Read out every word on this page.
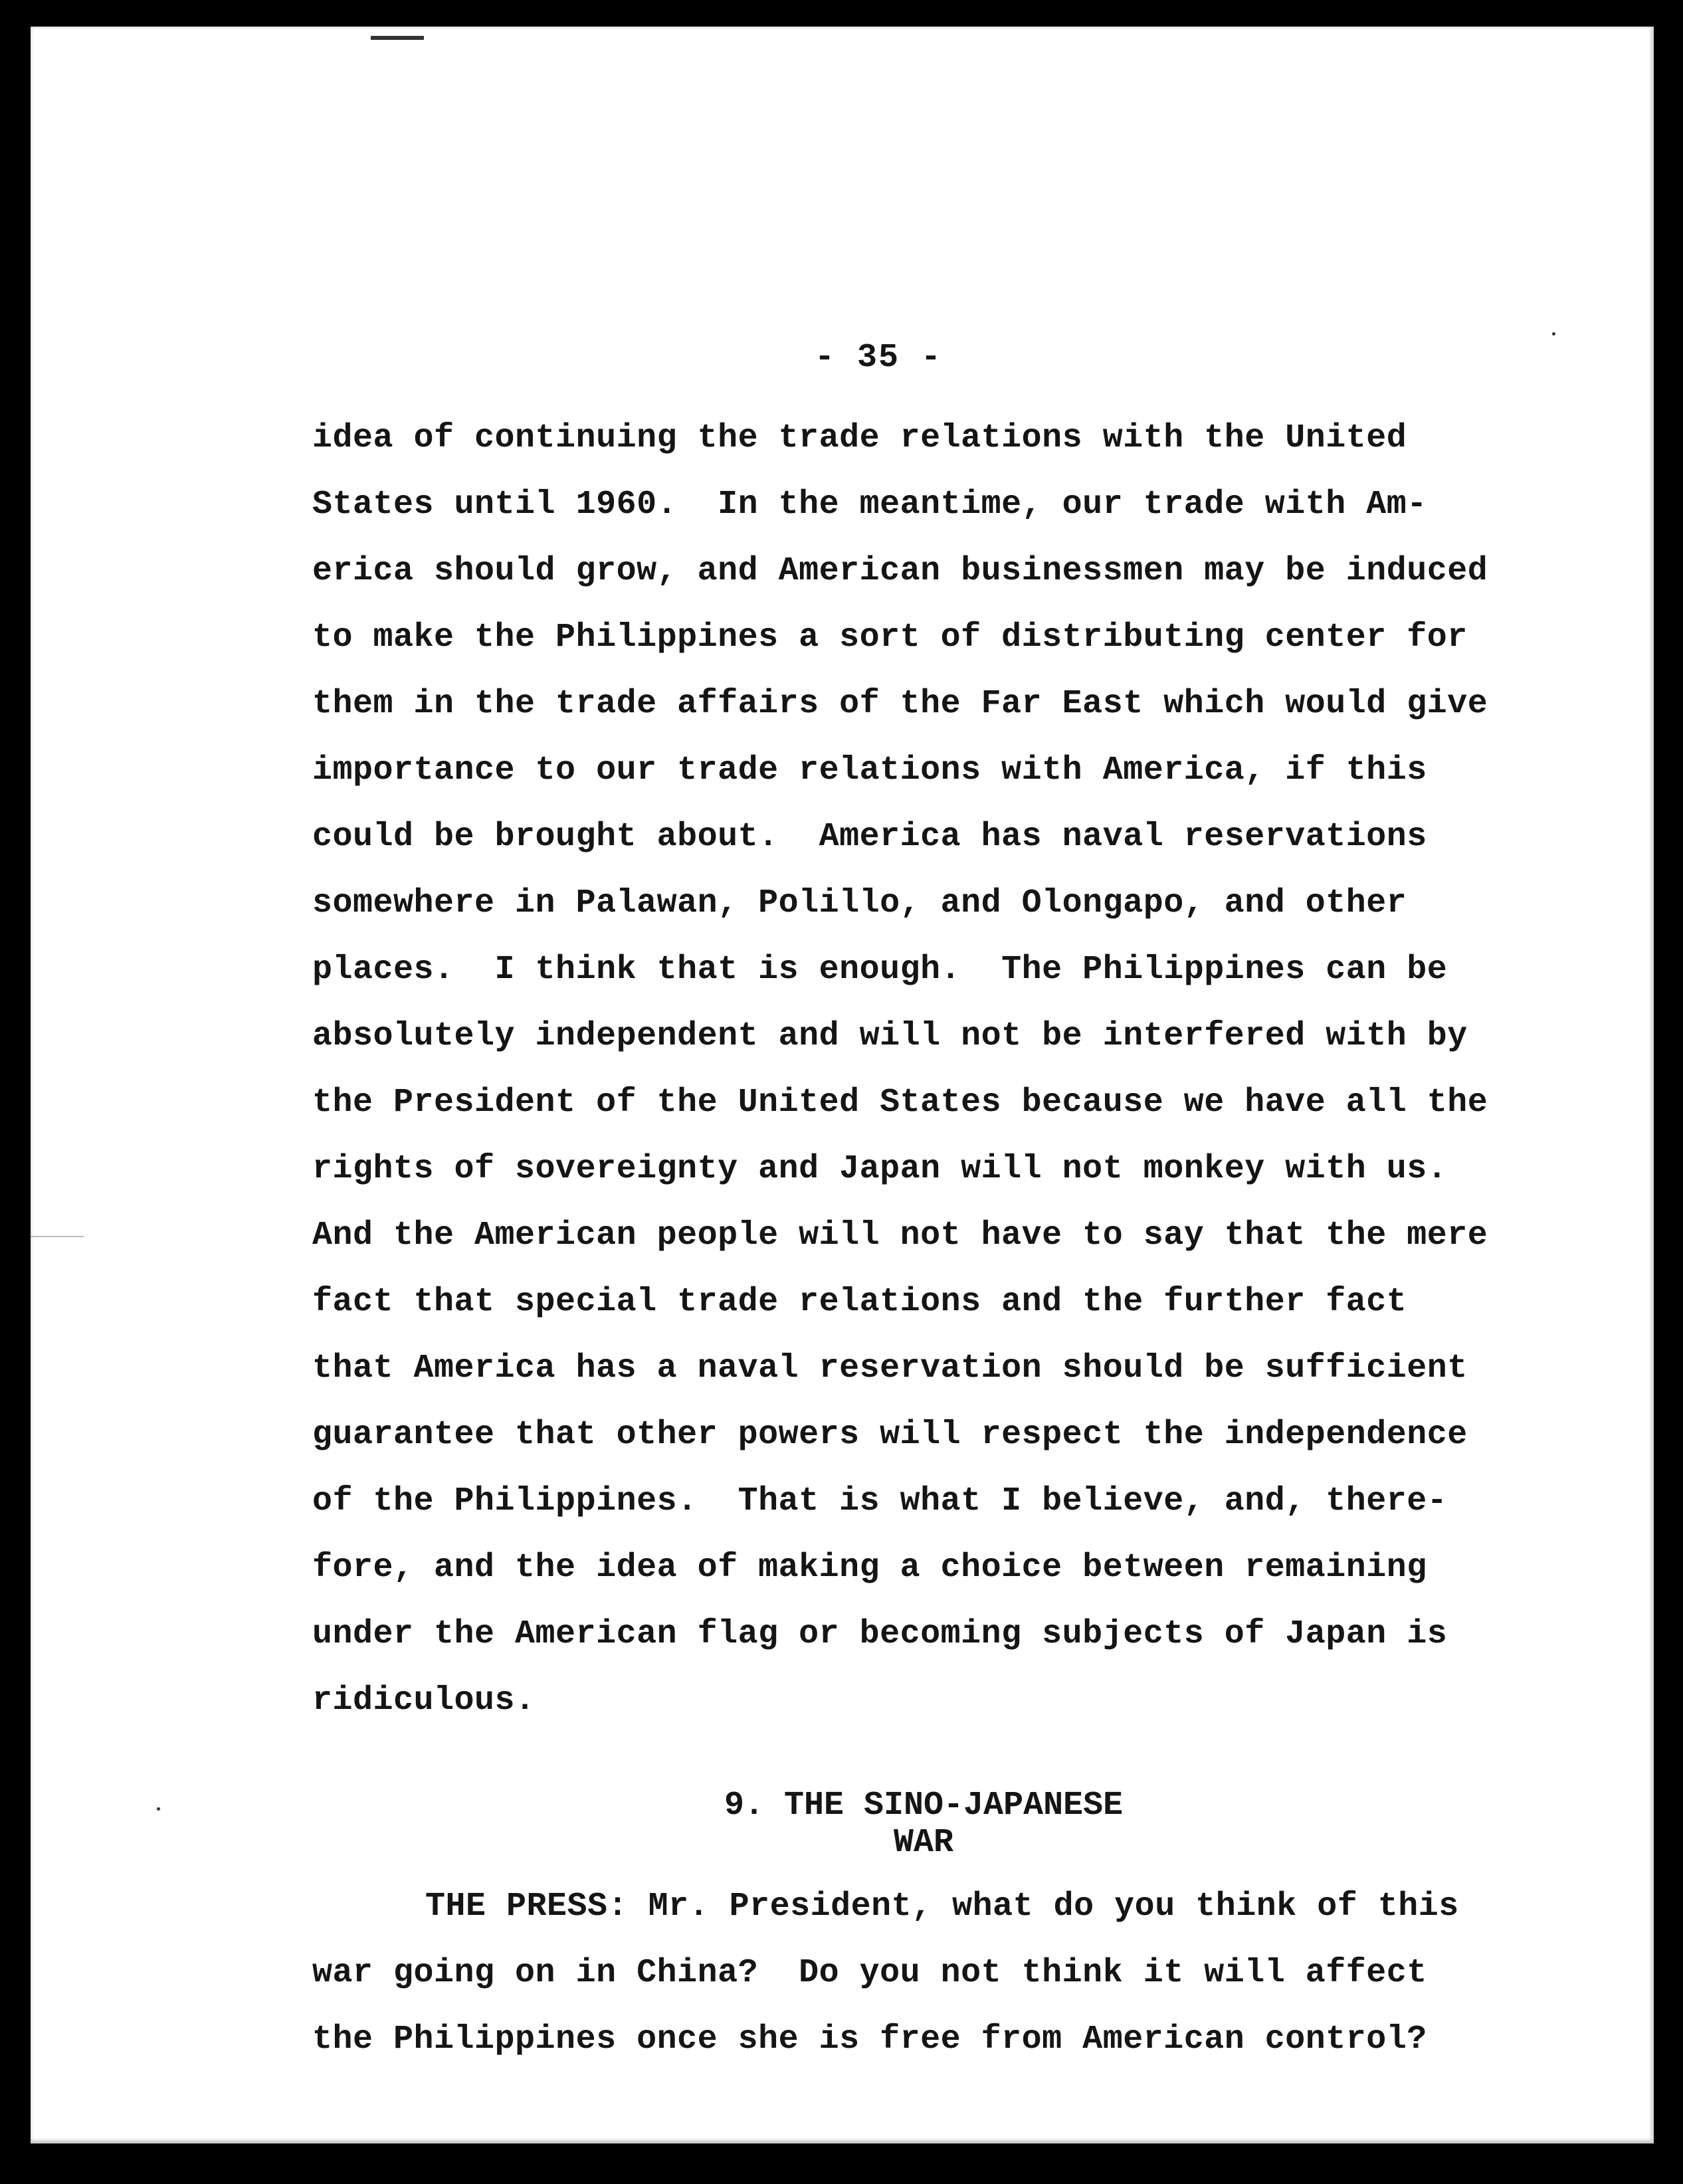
- 35 -
idea of continuing the trade relations with the United
States until 1960.  In the meantime, our trade with Am-
erica should grow, and American businessmen may be induced
to make the Philippines a sort of distributing center for
them in the trade affairs of the Far East which would give
importance to our trade relations with America, if this
could be brought about.  America has naval reservations
somewhere in Palawan, Polillo, and Olongapo, and other
places.  I think that is enough.  The Philippines can be
absolutely independent and will not be interfered with by
the President of the United States because we have all the
rights of sovereignty and Japan will not monkey with us.
And the American people will not have to say that the mere
fact that special trade relations and the further fact
that America has a naval reservation should be sufficient
guarantee that other powers will respect the independence
of the Philippines.  That is what I believe, and, there-
fore, and the idea of making a choice between remaining
under the American flag or becoming subjects of Japan is
ridiculous.
9. THE SINO-JAPANESE
WAR
THE PRESS: Mr. President, what do you think of this
war going on in China?  Do you not think it will affect
the Philippines once she is free from American control?
